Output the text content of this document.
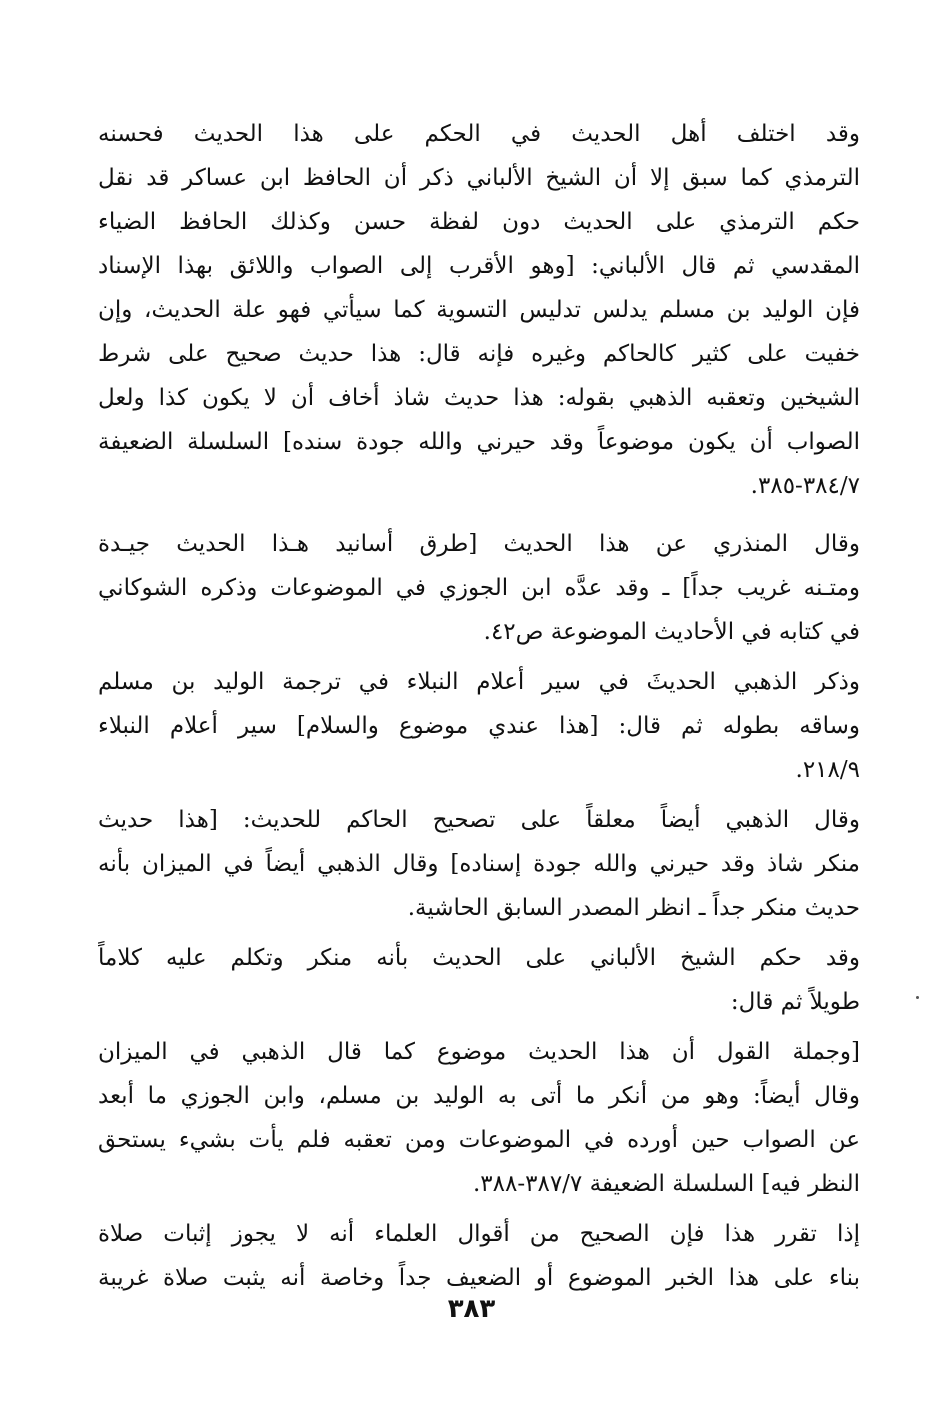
وقد اختلف أهل الحديث في الحكم على هذا الحديث فحسنه
الترمذي كما سبق إلا أن الشيخ الألباني ذكر أن الحافظ ابن عساكر قد نقل
حكم الترمذي على الحديث دون لفظة حسن وكذلك الحافظ الضياء
المقدسي ثم قال الألباني: [وهو الأقرب إلى الصواب واللائق بهذا الإسناد
فإن الوليد بن مسلم يدلس تدليس التسوية كما سيأتي فهو علة الحديث، وإن
خفيت على كثير كالحاكم وغيره فإنه قال: هذا حديث صحيح على شرط
الشيخين وتعقبه الذهبي بقوله: هذا حديث شاذ أخاف أن لا يكون كذا ولعل
الصواب أن يكون موضوعاً وقد حيرني والله جودة سنده] السلسلة الضعيفة
٣٨٤/٧-٣٨٥.
وقال المنذري عن هذا الحديث [طرق أسانيد هـذا الحديث جيـدة
ومتـنه غريب جداً] ـ وقد عدَّه ابن الجوزي في الموضوعات وذكره الشوكاني
في كتابه في الأحاديث الموضوعة ص٤٢.
وذكر الذهبي الحديثَ في سير أعلام النبلاء في ترجمة الوليد بن مسلم
وساقه بطوله ثم قال: [هذا عندي موضوع والسلام] سير أعلام النبلاء
٢١٨/٩.
وقال الذهبي أيضاً معلقاً على تصحيح الحاكم للحديث: [هذا حديث
منكر شاذ وقد حيرني والله جودة إسناده] وقال الذهبي أيضاً في الميزان بأنه
حديث منكر جداً ـ انظر المصدر السابق الحاشية.
وقد حكم الشيخ الألباني على الحديث بأنه منكر وتكلم عليه كلاماً
طويلاً ثم قال:
[وجملة القول أن هذا الحديث موضوع كما قال الذهبي في الميزان
وقال أيضاً: وهو من أنكر ما أتى به الوليد بن مسلم، وابن الجوزي ما أبعد
عن الصواب حين أورده في الموضوعات ومن تعقبه فلم يأت بشيء يستحق
النظر فيه] السلسلة الضعيفة ٣٨٧/٧-٣٨٨.
إذا تقرر هذا فإن الصحيح من أقوال العلماء أنه لا يجوز إثبات صلاة
بناء على هذا الخبر الموضوع أو الضعيف جداً وخاصة أنه يثبت صلاة غريبة
٣٨٣
